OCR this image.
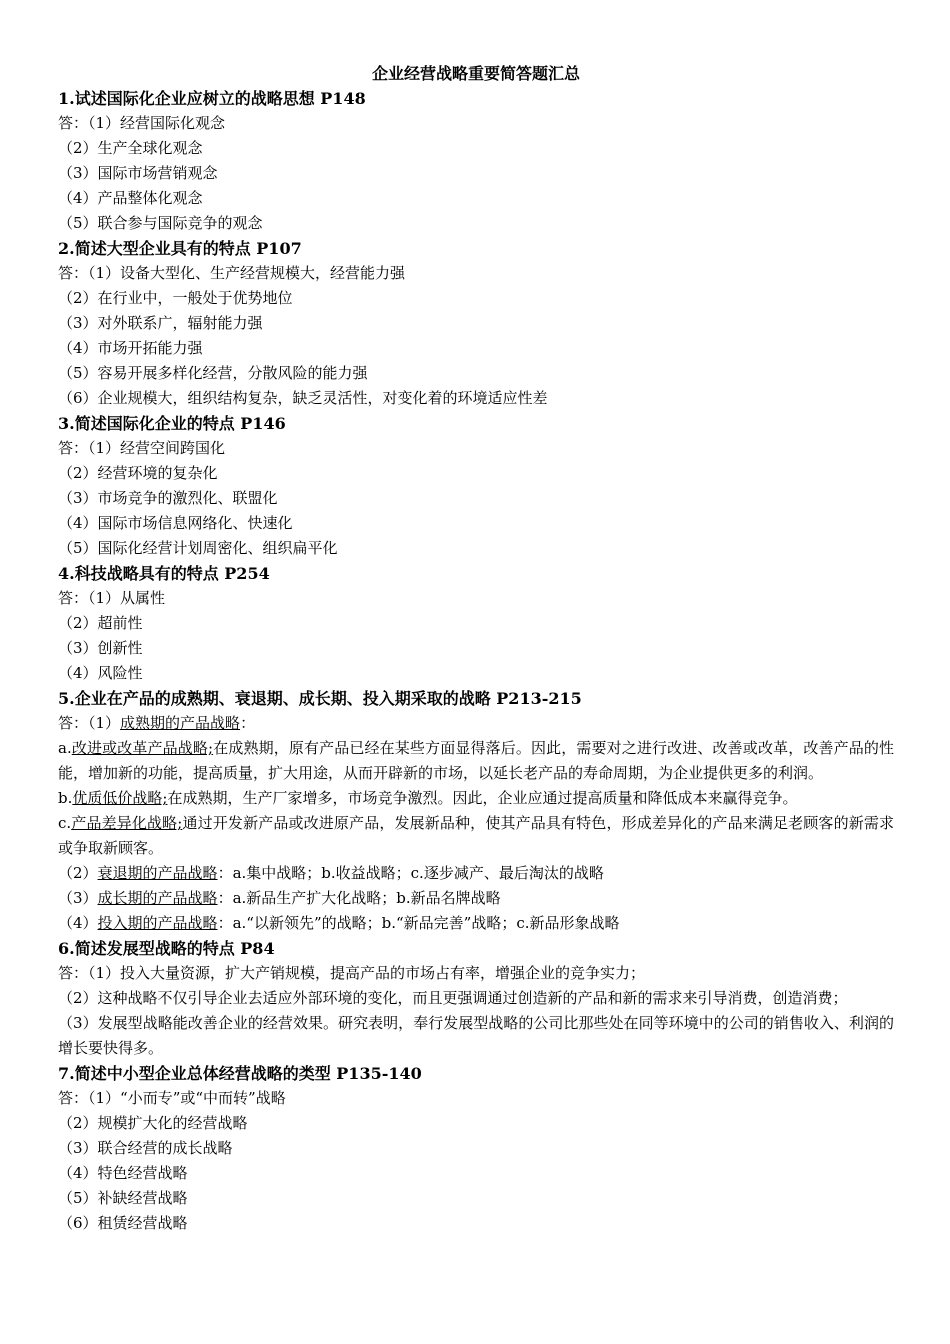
企业经营战略重要简答题汇总
1.试述国际化企业应树立的战略思想 P148
答：（1）经营国际化观念
（2）生产全球化观念
（3）国际市场营销观念
（4）产品整体化观念
（5）联合参与国际竞争的观念
2.简述大型企业具有的特点 P107
答：（1）设备大型化、生产经营规模大，经营能力强
（2）在行业中，一般处于优势地位
（3）对外联系广，辐射能力强
（4）市场开拓能力强
（5）容易开展多样化经营，分散风险的能力强
（6）企业规模大，组织结构复杂，缺乏灵活性，对变化着的环境适应性差
3.简述国际化企业的特点 P146
答：（1）经营空间跨国化
（2）经营环境的复杂化
（3）市场竞争的激烈化、联盟化
（4）国际市场信息网络化、快速化
（5）国际化经营计划周密化、组织扁平化
4.科技战略具有的特点 P254
答：（1）从属性
（2）超前性
（3）创新性
（4）风险性
5.企业在产品的成熟期、衰退期、成长期、投入期采取的战略 P213-215
答：（1）成熟期的产品战略：

a.改进或改革产品战略;在成熟期，原有产品已经在某些方面显得落后。因此，需要对之进行改进、改善或改革，改善产品的性能，增加新的功能，提高质量，扩大用途，从而开辟新的市场，以延长老产品的寿命周期，为企业提供更多的利润。

b.优质低价战略;在成熟期，生产厂家增多，市场竞争激烈。因此，企业应通过提高质量和降低成本来赢得竞争。

c.产品差异化战略;通过开发新产品或改进原产品，发展新品种，使其产品具有特色，形成差异化的产品来满足老顾客的新需求或争取新顾客。

（2）衰退期的产品战略：a.集中战略；b.收益战略；c.逐步减产、最后淘汰的战略
（3）成长期的产品战略：a.新品生产扩大化战略；b.新品名牌战略
（4）投入期的产品战略：a.“以新领先”的战略；b.“新品完善”战略；c.新品形象战略
6.简述发展型战略的特点 P84
答：（1）投入大量资源，扩大产销规模，提高产品的市场占有率，增强企业的竞争实力；

（2）这种战略不仅引导企业去适应外部环境的变化，而且更强调通过创造新的产品和新的需求来引导消费，创造消费；

（3）发展型战略能改善企业的经营效果。研究表明，奉行发展型战略的公司比那些处在同等环境中的公司的销售收入、利润的增长要快得多。

7.简述中小型企业总体经营战略的类型 P135-140
答：（1）“小而专”或“中而转”战略
（2）规模扩大化的经营战略
（3）联合经营的成长战略
（4）特色经营战略
（5）补缺经营战略
（6）租赁经营战略
